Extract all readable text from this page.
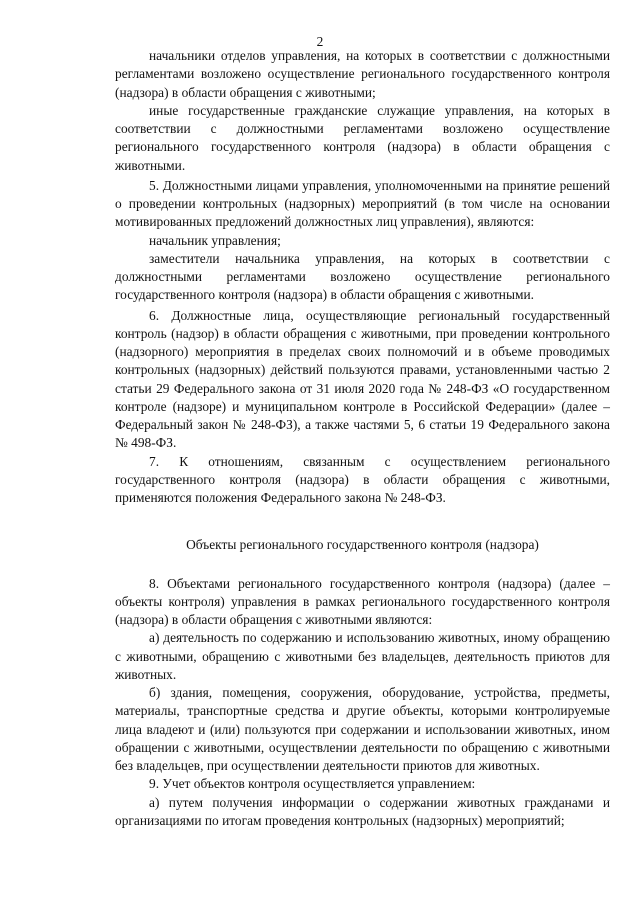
2

начальники отделов управления, на которых в соответствии с должностными регламентами возложено осуществление регионального государственного контроля (надзора) в области обращения с животными;

иные государственные гражданские служащие управления, на которых в соответствии с должностными регламентами возложено осуществление регионального государственного контроля (надзора) в области обращения с животными.

5. Должностными лицами управления, уполномоченными на принятие решений о проведении контрольных (надзорных) мероприятий (в том числе на основании мотивированных предложений должностных лиц управления), являются:

начальник управления;

заместители начальника управления, на которых в соответствии с должностными регламентами возложено осуществление регионального государственного контроля (надзора) в области обращения с животными.

6. Должностные лица, осуществляющие региональный государственный контроль (надзор) в области обращения с животными, при проведении контрольного (надзорного) мероприятия в пределах своих полномочий и в объеме проводимых контрольных (надзорных) действий пользуются правами, установленными частью 2 статьи 29 Федерального закона от 31 июля 2020 года № 248-ФЗ «О государственном контроле (надзоре) и муниципальном контроле в Российской Федерации» (далее – Федеральный закон № 248-ФЗ), а также частями 5, 6 статьи 19 Федерального закона № 498-ФЗ.

7. К отношениям, связанным с осуществлением регионального государственного контроля (надзора) в области обращения с животными, применяются положения Федерального закона № 248-ФЗ.

Объекты регионального государственного контроля (надзора)

8. Объектами регионального государственного контроля (надзора) (далее – объекты контроля) управления в рамках регионального государственного контроля (надзора) в области обращения с животными являются:

а) деятельность по содержанию и использованию животных, иному обращению с животными, обращению с животными без владельцев, деятельность приютов для животных.

б) здания, помещения, сооружения, оборудование, устройства, предметы, материалы, транспортные средства и другие объекты, которыми контролируемые лица владеют и (или) пользуются при содержании и использовании животных, ином обращении с животными, осуществлении деятельности по обращению с животными без владельцев, при осуществлении деятельности приютов для животных.

9. Учет объектов контроля осуществляется управлением:

а) путем получения информации о содержании животных гражданами и организациями по итогам проведения контрольных (надзорных) мероприятий;
